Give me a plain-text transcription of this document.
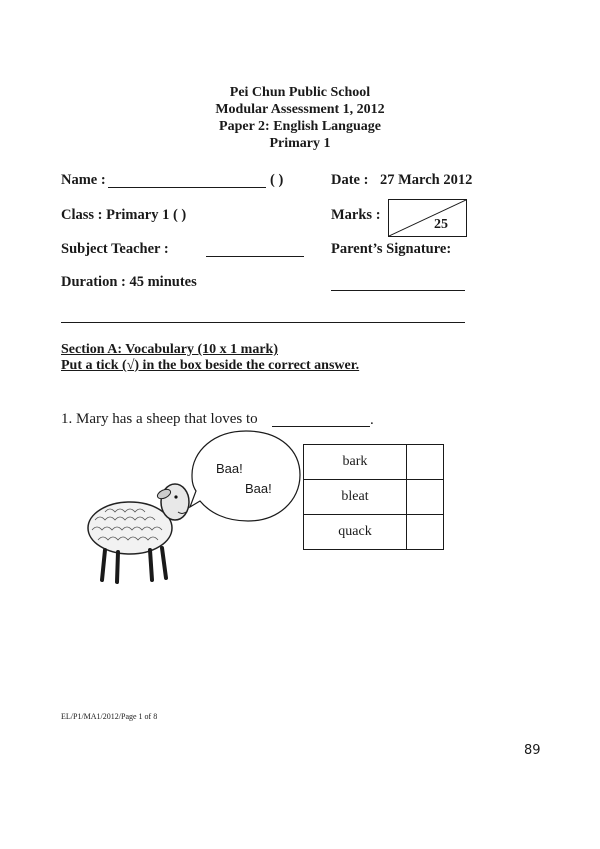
Pei Chun Public School
Modular Assessment 1, 2012
Paper 2: English Language
Primary 1
Name :	( )	Date : 27 March 2012
Class : Primary 1 ( )	Marks :
25
Subject Teacher :	Parent’s Signature:
Duration : 45 minutes
Section A: Vocabulary (10 x 1 mark)
Put a tick (√) in the box beside the correct answer.
1. Mary has a sheep that loves to	.
Baa!
Baa!
bark	
bleat	
quack	
EL/P1/MA1/2012/Page 1 of 8
89
